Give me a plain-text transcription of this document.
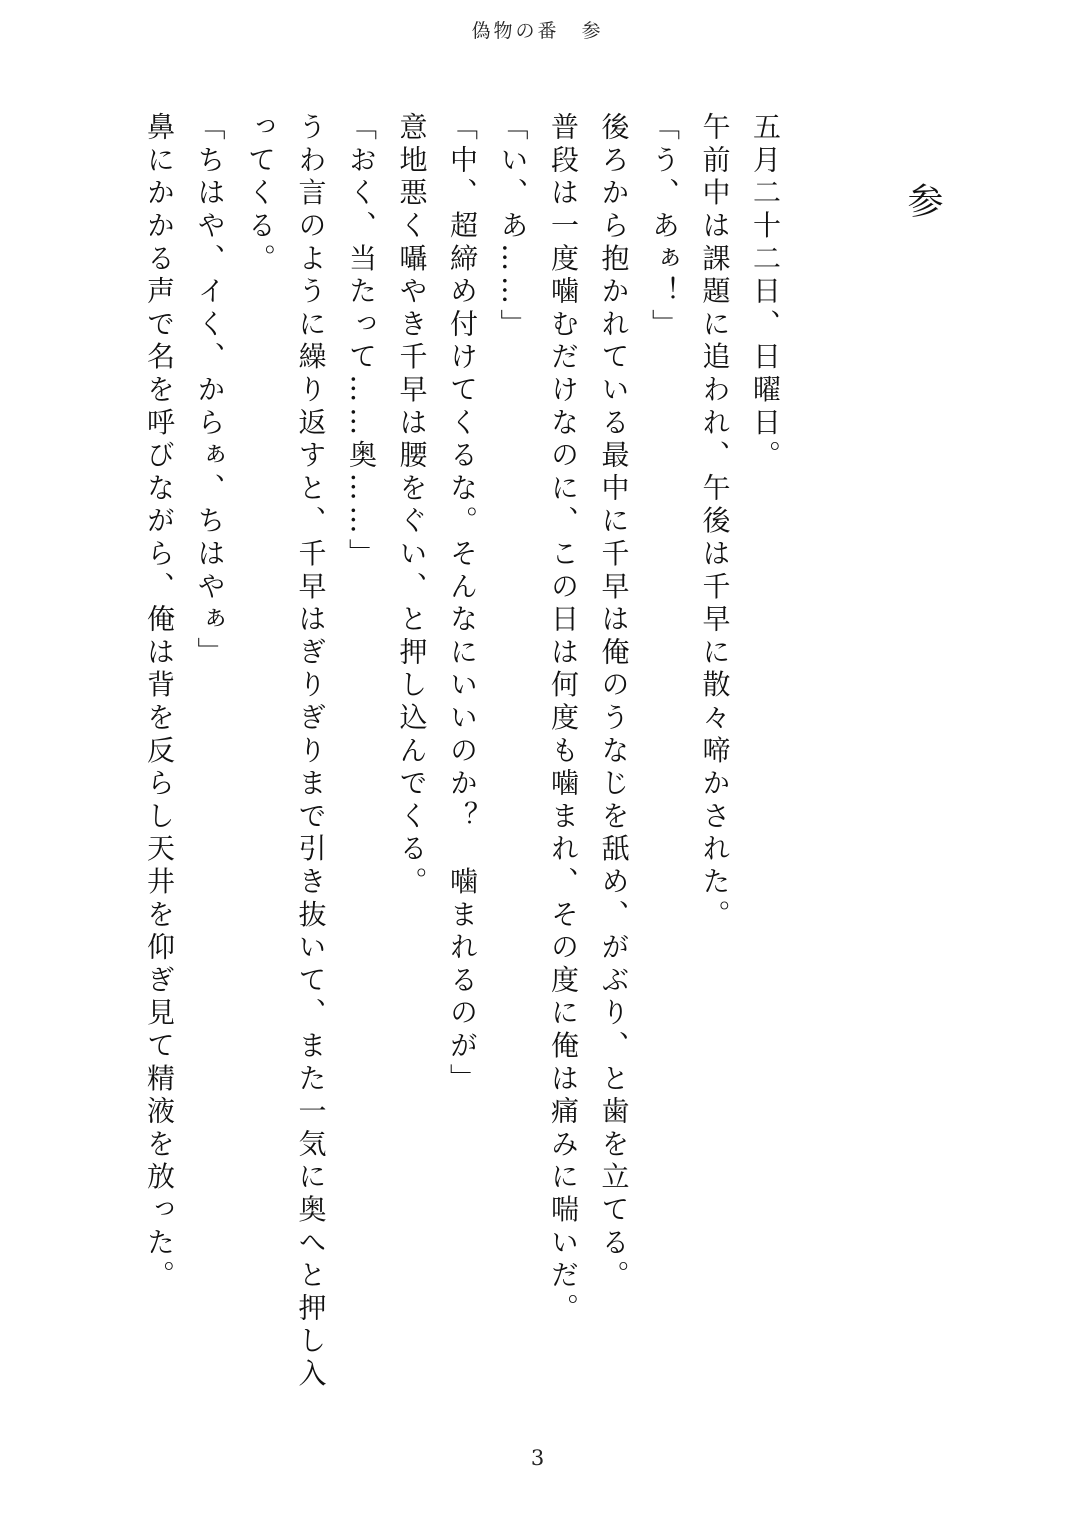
偽物の番　参
参

五月二十二日、日曜日。

午前中は課題に追われ、午後は千早に散々啼かされた。

「う、あぁ！」

後ろから抱かれている最中に千早は俺のうなじを舐め、がぶり、と歯を立てる。

普段は一度噛むだけなのに、この日は何度も噛まれ、その度に俺は痛みに喘いだ。

「い、あ……」

「中、超締め付けてくるな。そんなにいいのか？　噛まれるのが」

意地悪く囁やき千早は腰をぐい、と押し込んでくる。

「おく、当たって……奥……」

うわ言のように繰り返すと、千早はぎりぎりまで引き抜いて、また一気に奥へと押し入ってくる。

「ちはや、イく、からぁ、ちはやぁ」

鼻にかかる声で名を呼びながら、俺は背を反らし天井を仰ぎ見て精液を放った。

3
